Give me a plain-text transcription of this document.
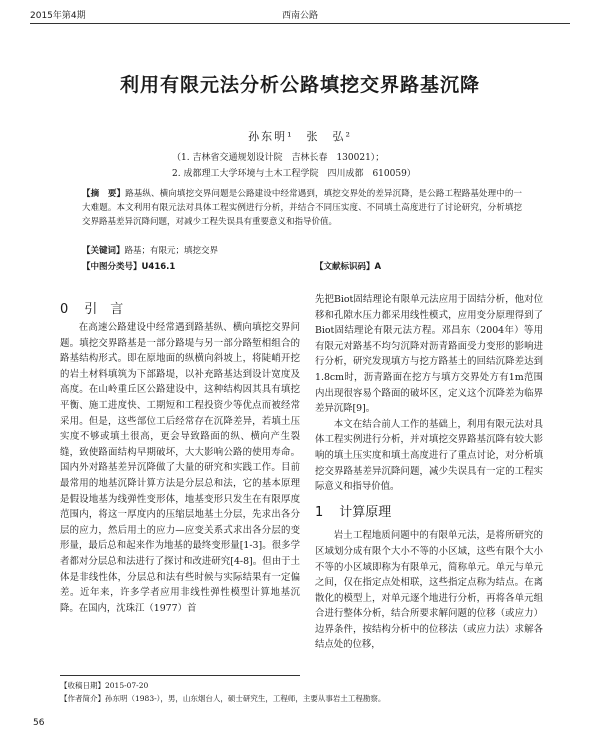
2015年第4期	西南公路
利用有限元法分析公路填挖交界路基沉降
孙东明¹　张　弘²
（1. 吉林省交通规划设计院　吉林长春　130021）；
2. 成都理工大学环境与土木工程学院　四川成都　610059）
【摘　要】路基纵、横向填挖交界问题是公路建设中经常遇到，填挖交界处的差异沉降，是公路工程路基处理中的一大难题。本文利用有限元法对具体工程实例进行分析，并结合不同压实度、不同填土高度进行了讨论研究，分析填挖交界路基差异沉降问题，对减少工程失误具有重要意义和指导价值。
【关键词】路基；有限元；填挖交界
【中图分类号】U416.1	【文献标识码】A
0 引　言

在高速公路建设中经常遇到路基纵、横向填挖交界问题。填挖交界路基是一部分路堤与另一部分路堑相组合的路基结构形式。即在原地面的纵横向斜坡上，将陡峭开挖的岩土材料填筑为下部路堤，以补充路基达到设计宽度及高度。在山岭重丘区公路建设中，这种结构因其具有填挖平衡、施工进度快、工期短和工程投资少等优点而被经常采用。但是，这些部位工后经常存在沉降差异，若填土压实度不够或填土很高，更会导致路面的纵、横向产生裂缝，致使路面结构早期破坏，大大影响公路的使用寿命。国内外对路基差异沉降做了大量的研究和实践工作。目前最常用的地基沉降计算方法是分层总和法，它的基本原理是假设地基为线弹性变形体，地基变形只发生在有限厚度范围内，将这一厚度内的压缩层地基土分层，先求出各分层的应力，然后用土的应力—应变关系式求出各分层的变形量，最后总和起来作为地基的最终变形量[1-3]。很多学者都对分层总和法进行了探讨和改进研究[4-8]。但由于土体是非线性体，分层总和法有些时候与实际结果有一定偏差。近年来，许多学者应用非线性弹性模型计算地基沉降。在国内，沈珠江（1977）首

先把Biot固结理论有限单元法应用于固结分析，他对位移和孔隙水压力都采用线性模式，应用变分原理得到了Biot固结理论有限元法方程。邓昌东（2004年）等用有限元对路基不均匀沉降对沥青路面受力变形的影响进行分析，研究发现填方与挖方路基土的回结沉降差达到1.8cm时，沥青路面在挖方与填方交界处方有1m范围内出现很容易个路面的破坏区，定义这个沉降差为临界差异沉降[9]。

本文在结合前人工作的基础上，利用有限元法对具体工程实例进行分析，并对填挖交界路基沉降有较大影响的填土压实度和填土高度进行了重点讨论，对分析填挖交界路基差异沉降问题，减少失误具有一定的工程实际意义和指导价值。

1 计算原理

岩土工程地质问题中的有限单元法，是将所研究的区域划分成有限个大小不等的小区域，这些有限个大小不等的小区域即称为有限单元，简称单元。单元与单元之间，仅在指定点处相联，这些指定点称为结点。在离散化的模型上，对单元逐个地进行分析，再将各单元组合进行整体分析，结合所要求解问题的位移（或应力）边界条件，按结构分析中的位移法（或应力法）求解各结点处的位移，

【收稿日期】2015-07-20
【作者简介】孙东明（1983-），男，山东烟台人，硕士研究生，工程师，主要从事岩土工程勘察。
56
